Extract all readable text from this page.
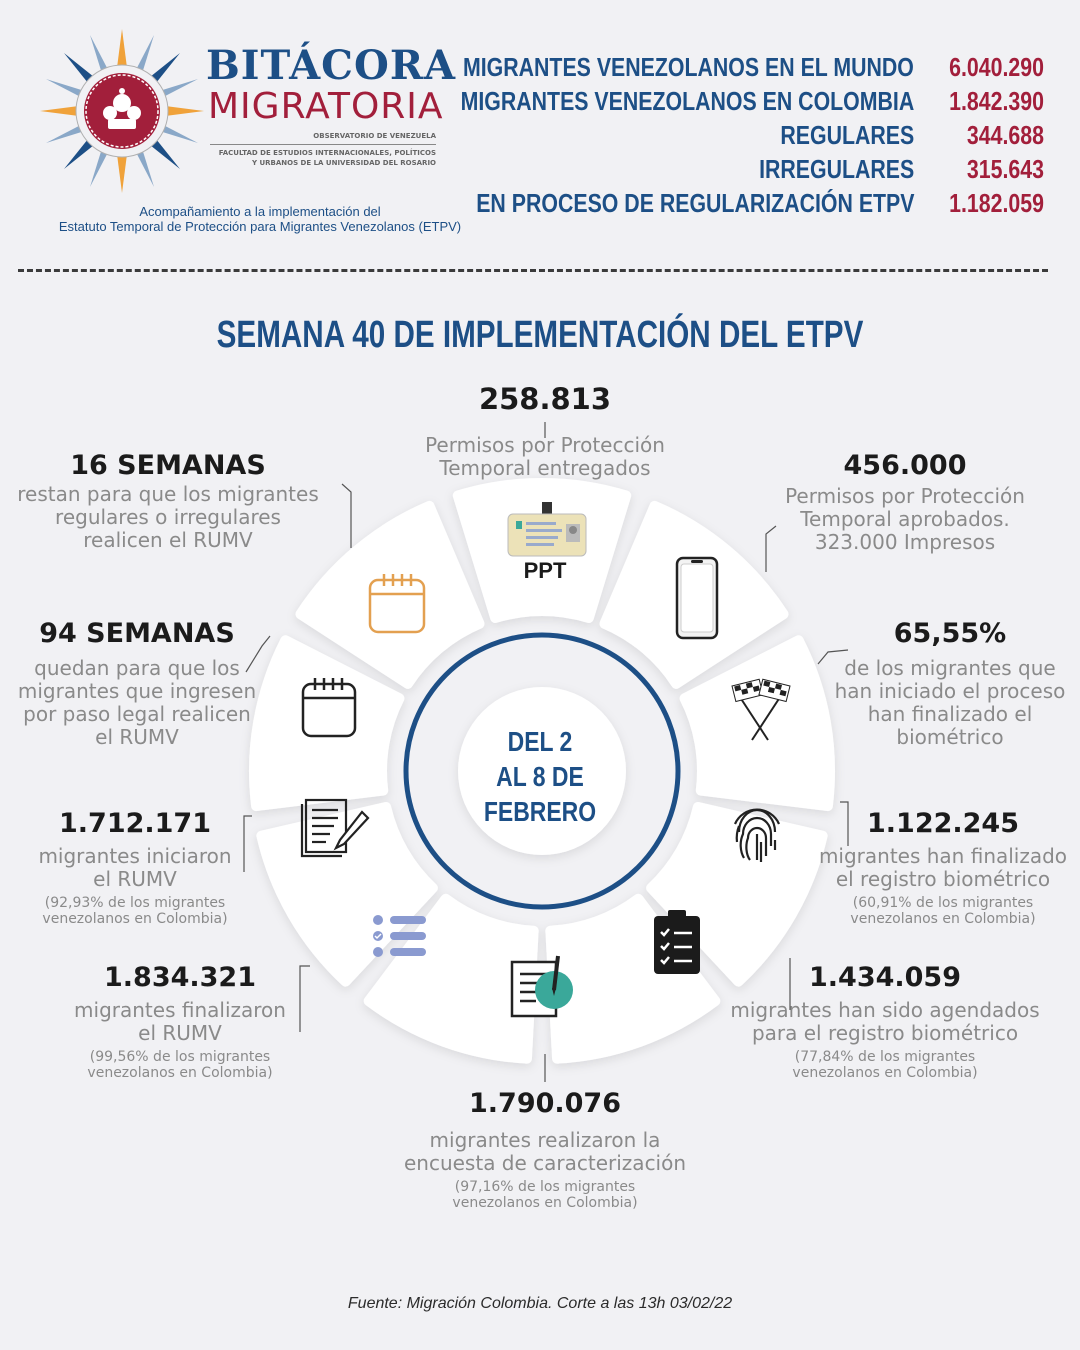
BITÁCORA
MIGRATORIA
OBSERVATORIO DE VENEZUELA
FACULTAD DE ESTUDIOS INTERNACIONALES, POLÍTICOS
Y URBANOS DE LA UNIVERSIDAD DEL ROSARIO
Acompañamiento a la implementación del
Estatuto Temporal de Protección para Migrantes Venezolanos (ETPV)
MIGRANTES VENEZOLANOS EN EL MUNDO	6.040.290
MIGRANTES VENEZOLANOS EN COLOMBIA	1.842.390
REGULARES	344.688
IRREGULARES	315.643
EN PROCESO DE REGULARIZACIÓN ETPV	1.182.059
SEMANA 40 DE IMPLEMENTACIÓN DEL ETPV
PPT
DEL 2
AL 8 DE
FEBRERO
258.813
Permisos por Protección
Temporal entregados
16 SEMANAS
restan para que los migrantes
regulares o irregulares
realicen el RUMV
456.000
Permisos por Protección
Temporal aprobados.
323.000 Impresos
94 SEMANAS
quedan para que los
migrantes que ingresen
por paso legal realicen
el RUMV
65,55%
de los migrantes que
han iniciado el proceso
han finalizado el
biométrico
1.712.171
migrantes iniciaron
el RUMV
(92,93% de los migrantes
venezolanos en Colombia)
1.122.245
migrantes han finalizado
el registro biométrico
(60,91% de los migrantes
venezolanos en Colombia)
1.834.321
migrantes finalizaron
el RUMV
(99,56% de los migrantes
venezolanos en Colombia)
1.434.059
migrantes han sido agendados
para el registro biométrico
(77,84% de los migrantes
venezolanos en Colombia)
1.790.076
migrantes realizaron la
encuesta de caracterización
(97,16% de los migrantes
venezolanos en Colombia)
Fuente: Migración Colombia. Corte a las 13h 03/02/22
